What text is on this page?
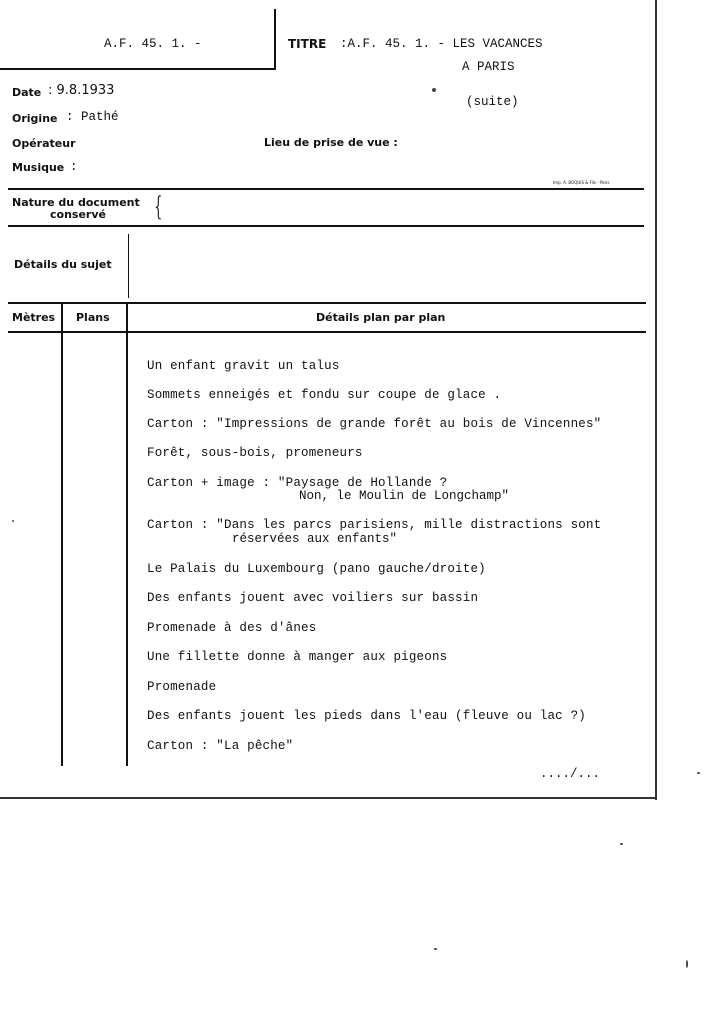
A.F. 45. 1. -	TITRE :A.F. 45. 1. - LES VACANCES
A PARIS
(suite)
Date : 9.8.1933
Origine : Pathé
Opérateur	Lieu de prise de vue :
Musique :
Imp. A. BOQUIS & Fils - Paris
Nature du document
conservé {
Détails du sujet
Mètres Plans	Détails plan par plan
Un enfant gravit un talus
Sommets enneigés et fondu sur coupe de glace .
Carton : "Impressions de grande forêt au bois de Vincennes"
Forêt, sous-bois, promeneurs
Carton + image : "Paysage de Hollande ?
Non, le Moulin de Longchamp"
Carton : "Dans les parcs parisiens, mille distractions sont
réservées aux enfants"
Le Palais du Luxembourg (pano gauche/droite)
Des enfants jouent avec voiliers sur bassin
Promenade à des d'ânes
Une fillette donne à manger aux pigeons
Promenade
Des enfants jouent les pieds dans l'eau (fleuve ou lac ?)
Carton : "La pêche"
..../...
